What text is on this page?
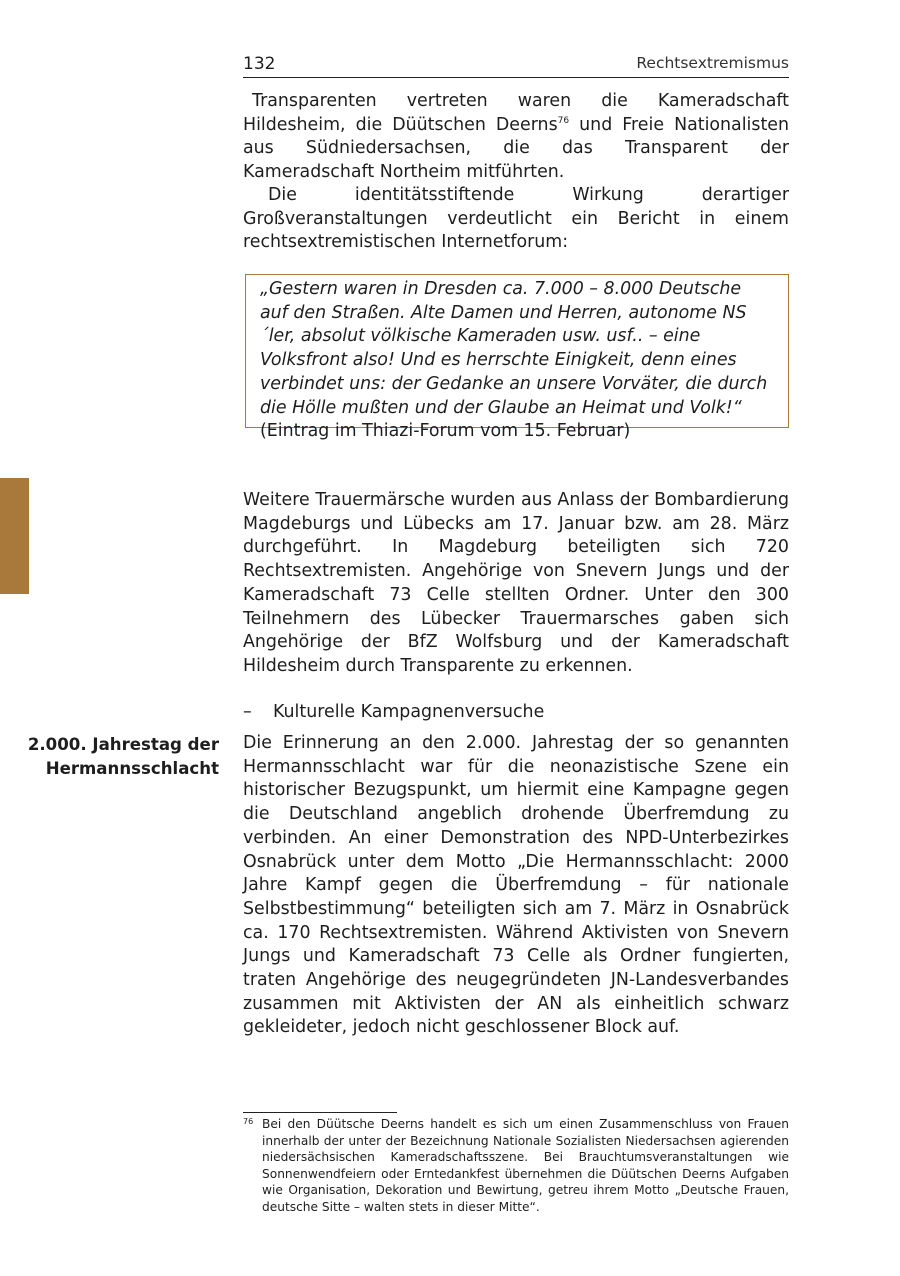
132	Rechtsextremismus

Transparenten vertreten waren die Kameradschaft Hildesheim, die Düütschen Deerns$^{76}$ und Freie Nationalisten aus Südniedersachsen, die das Transparent der Kameradschaft Northeim mitführten.

Die identitätsstiftende Wirkung derartiger Großveranstaltungen verdeutlicht ein Bericht in einem rechtsextremistischen Internetforum:

„Gestern waren in Dresden ca. 7.000 – 8.000 Deutsche auf den Straßen. Alte Damen und Herren, autonome NS´ler, absolut völkische Kameraden usw. usf.. – eine Volksfront also! Und es herrschte Einigkeit, denn eines verbindet uns: der Gedanke an unsere Vorväter, die durch die Hölle mußten und der Glaube an Heimat und Volk!“

(Eintrag im Thiazi-Forum vom 15. Februar)

Weitere Trauermärsche wurden aus Anlass der Bombardierung Magdeburgs und Lübecks am 17. Januar bzw. am 28. März durchgeführt. In Magdeburg beteiligten sich 720 Rechtsextremisten. Angehörige von Snevern Jungs und der Kameradschaft 73 Celle stellten Ordner. Unter den 300 Teilnehmern des Lübecker Trauermarsches gaben sich Angehörige der BfZ Wolfsburg und der Kameradschaft Hildesheim durch Transparente zu erkennen.

– Kulturelle Kampagnenversuche
2.000. Jahrestag der
Hermannsschlacht

Die Erinnerung an den 2.000. Jahrestag der so genannten Hermannsschlacht war für die neonazistische Szene ein historischer Bezugspunkt, um hiermit eine Kampagne gegen die Deutschland angeblich drohende Überfremdung zu verbinden. An einer Demonstration des NPD-Unterbezirkes Osnabrück unter dem Motto „Die Hermannsschlacht: 2000 Jahre Kampf gegen die Überfremdung – für nationale Selbstbestimmung“ beteiligten sich am 7. März in Osnabrück ca. 170 Rechtsextremisten. Während Aktivisten von Snevern Jungs und Kameradschaft 73 Celle als Ordner fungierten, traten Angehörige des neugegründeten JN-Landesverbandes zusammen mit Aktivisten der AN als einheitlich schwarz gekleideter, jedoch nicht geschlossener Block auf.

76 Bei den Düütsche Deerns handelt es sich um einen Zusammenschluss von Frauen innerhalb der unter der Bezeichnung Nationale Sozialisten Niedersachsen agierenden niedersächsischen Kameradschaftsszene. Bei Brauchtumsveranstaltungen wie Sonnenwendfeiern oder Erntedankfest übernehmen die Düütschen Deerns Aufgaben wie Organisation, Dekoration und Bewirtung, getreu ihrem Motto „Deutsche Frauen, deutsche Sitte – walten stets in dieser Mitte“.
